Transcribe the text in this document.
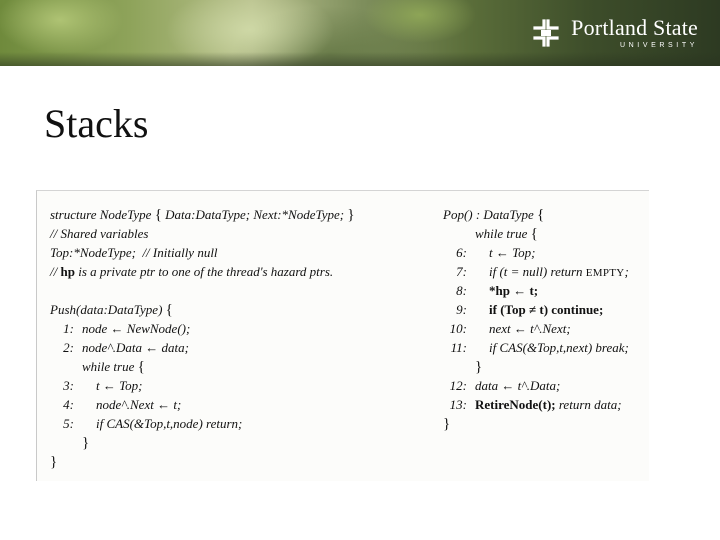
Portland State
UNIVERSITY
Stacks
structure NodeType { Data:DataType; Next:*NodeType; }
// Shared variables
Top:*NodeType;  // Initially null
// hp is a private ptr to one of the thread's hazard ptrs.
Push(data:DataType) {
1: node ← NewNode();
2: node^.Data ← data;
while true {
3: t ← Top;
4: node^.Next ← t;
5: if CAS(&Top,t,node) return;
}
}
Pop() : DataType {
while true {
6: t ← Top;
7: if (t = null) return EMPTY;
8: *hp ← t;
9: if (Top ≠ t) continue;
10: next ← t^.Next;
11: if CAS(&Top,t,next) break;
}
12: data ← t^.Data;
13: RetireNode(t); return data;
}
